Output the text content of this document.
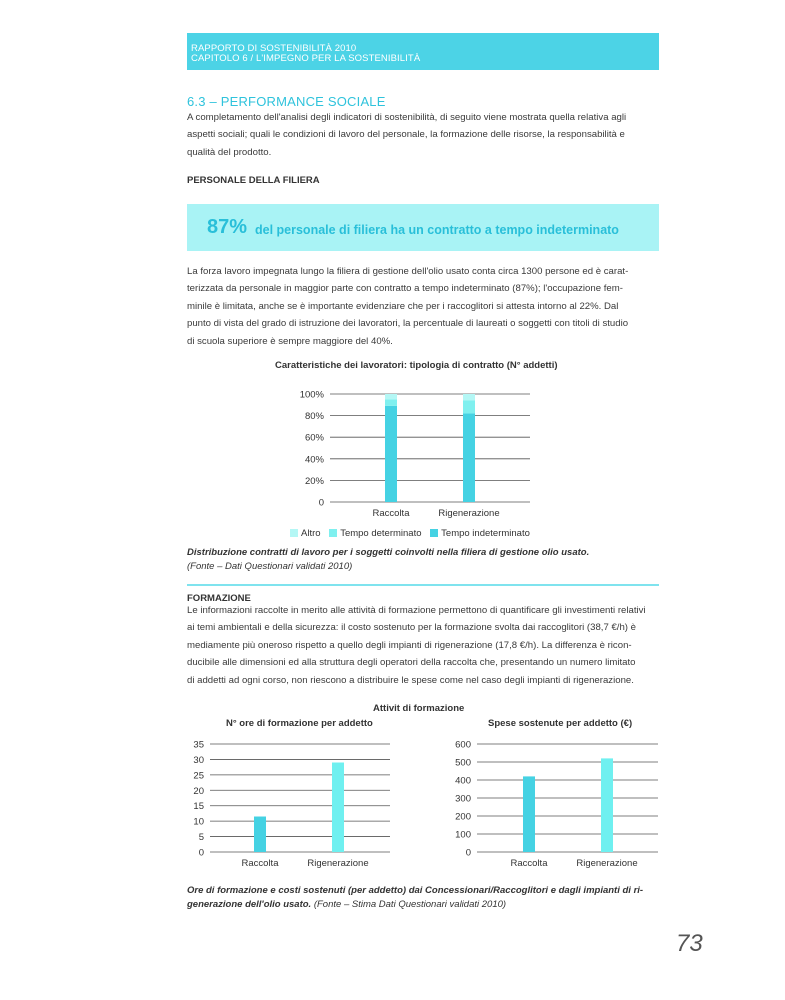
RAPPORTO DI SOSTENIBILITÀ 2010
CAPITOLO 6 / L'IMPEGNO PER LA SOSTENIBILITÀ
6.3 – PERFORMANCE SOCIALE
A completamento dell'analisi degli indicatori di sostenibilità, di seguito viene mostrata quella relativa agli
aspetti sociali; quali le condizioni di lavoro del personale, la formazione delle risorse, la responsabilità e
qualità del prodotto.
PERSONALE DELLA FILIERA
87% del personale di filiera ha un contratto a tempo indeterminato
La forza lavoro impegnata lungo la filiera di gestione dell'olio usato conta circa 1300 persone ed è carat-
terizzata da personale in maggior parte con contratto a tempo indeterminato (87%); l'occupazione fem-
minile è limitata, anche se è importante evidenziare che per i raccoglitori si attesta intorno al 22%. Dal
punto di vista del grado di istruzione dei lavoratori, la percentuale di laureati o soggetti con titoli di studio
di scuola superiore è sempre maggiore del 40%.
Caratteristiche dei lavoratori: tipologia di contratto (N° addetti)
0
20%
40%
60%
80%
100%
Raccolta	Rigenerazione
Altro Tempo determinato Tempo indeterminato
Distribuzione contratti di lavoro per i soggetti coinvolti nella filiera di gestione olio usato.
(Fonte – Dati Questionari validati 2010)
FORMAZIONE
Le informazioni raccolte in merito alle attività di formazione permettono di quantificare gli investimenti relativi
ai temi ambientali e della sicurezza: il costo sostenuto per la formazione svolta dai raccoglitori (38,7 €/h) è
mediamente più oneroso rispetto a quello degli impianti di rigenerazione (17,8 €/h). La differenza è ricon-
ducibile alle dimensioni ed alla struttura degli operatori della raccolta che, presentando un numero limitato
di addetti ad ogni corso, non riescono a distribuire le spese come nel caso degli impianti di rigenerazione.
Attivit di formazione
N° ore di formazione per addetto
0
5
10
15
20
25
30
35
Raccolta	Rigenerazione
Spese sostenute per addetto (€)
0
100
200
300
400
500
600
Raccolta	Rigenerazione
Ore di formazione e costi sostenuti (per addetto) dai Concessionari/Raccoglitori e dagli impianti di ri-
generazione dell'olio usato. (Fonte – Stima Dati Questionari validati 2010)
73
